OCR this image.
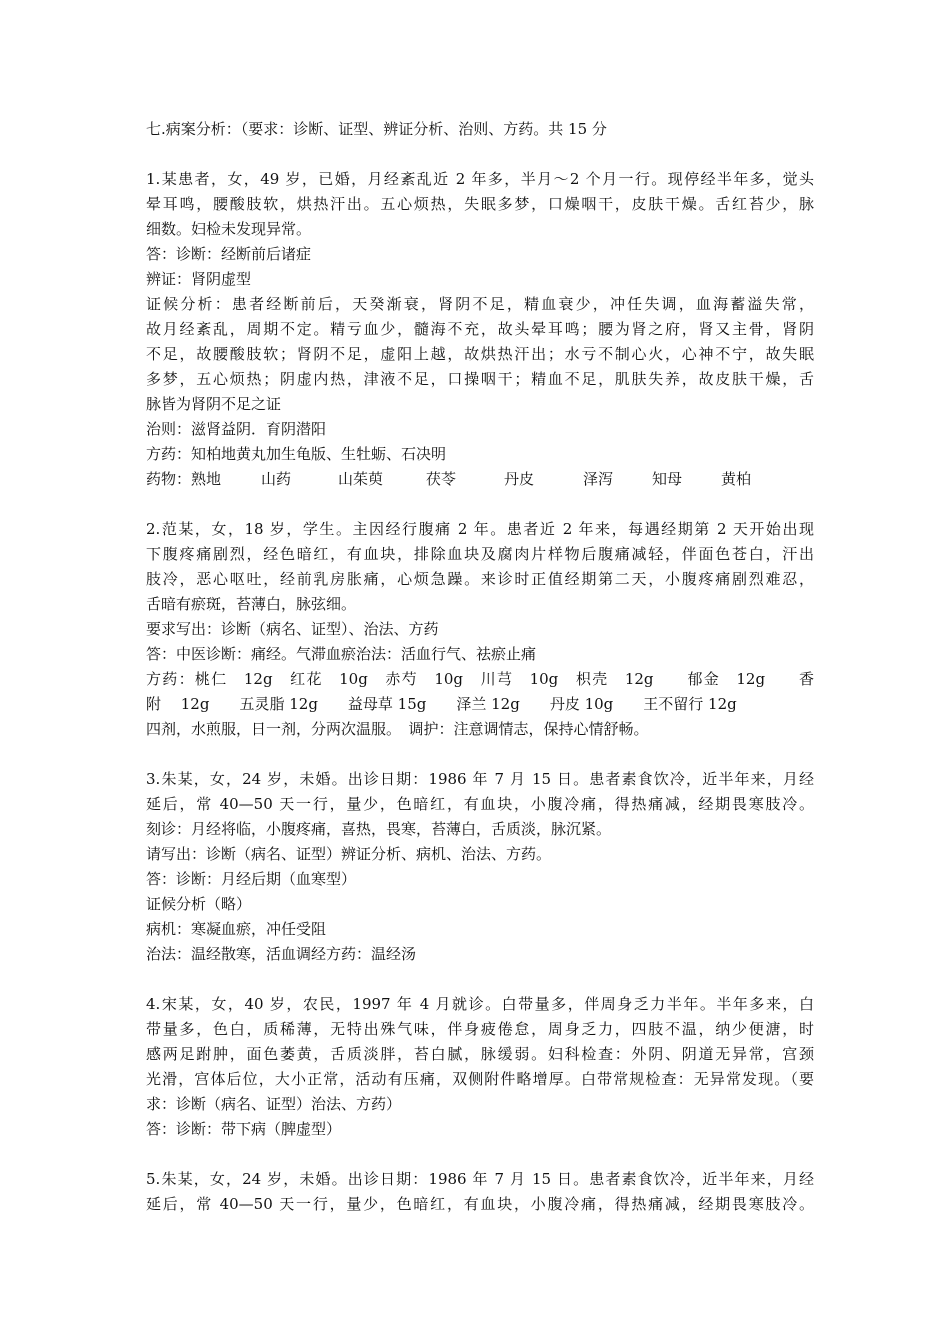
七.病案分析：（要求：诊断、证型、辨证分析、治则、方药。共 15 分
1.某患者，女，49 岁，已婚，月经紊乱近 2 年多，半月～2 个月一行。现停经半年多，觉头
晕耳鸣，腰酸肢软，烘热汗出。五心烦热，失眠多梦，口燥咽干，皮肤干燥。舌红苔少，脉
细数。妇检未发现异常。
答：诊断：经断前后诸症
辨证：肾阴虚型
证候分析：患者经断前后，天癸渐衰，肾阴不足，精血衰少，冲任失调，血海蓄溢失常，
故月经紊乱，周期不定。精亏血少，髓海不充，故头晕耳鸣；腰为肾之府，肾又主骨，肾阴
不足，故腰酸肢软；肾阴不足，虚阳上越，故烘热汗出；水亏不制心火，心神不宁，故失眠
多梦，五心烦热；阴虚内热，津液不足，口操咽干；精血不足，肌肤失养，故皮肤干燥，舌
脉皆为肾阴不足之证
治则：滋肾益阴．育阴潜阳
方药：知柏地黄丸加生龟版、生牡蛎、石决明
药物：熟地	山药	山茱萸	茯苓	丹皮	泽泻	知母	黄柏
2.范某，女，18 岁，学生。主因经行腹痛 2 年。患者近 2 年来，每遇经期第 2 天开始出现
下腹疼痛剧烈，经色暗红，有血块，排除血块及腐肉片样物后腹痛减轻，伴面色苍白，汗出
肢冷，恶心呕吐，经前乳房胀痛，心烦急躁。来诊时正值经期第二天，小腹疼痛剧烈难忍，
舌暗有瘀斑，苔薄白，脉弦细。
要求写出：诊断（病名、证型）、治法、方药
答：中医诊断：痛经。气滞血瘀治法：活血行气、祛瘀止痛
方药：桃仁　12g　红花　10g　赤芍　10g　川芎　10g　枳壳　12g　　郁金　12g　　香
附　 12g　　五灵脂 12g　　益母草 15g　　泽兰 12g　　丹皮 10g　　王不留行 12g
四剂，水煎服，日一剂，分两次温服。　调护：注意调情志，保持心情舒畅。
3.朱某，女，24 岁，未婚。出诊日期：1986 年 7 月 15 日。患者素食饮冷，近半年来，月经
延后，常 40—50 天一行，量少，色暗红，有血块，小腹冷痛，得热痛减，经期畏寒肢冷。
刻诊：月经将临，小腹疼痛，喜热，畏寒，苔薄白，舌质淡，脉沉紧。
请写出：诊断（病名、证型）辨证分析、病机、治法、方药。
答：诊断：月经后期（血寒型）
证候分析（略）
病机：寒凝血瘀，冲任受阻
治法：温经散寒，活血调经方药：温经汤
4.宋某，女，40 岁，农民，1997 年 4 月就诊。白带量多，伴周身乏力半年。半年多来，白
带量多，色白，质稀薄，无特出殊气味，伴身疲倦怠，周身乏力，四肢不温，纳少便溏，时
感两足跗肿，面色萎黄，舌质淡胖，苔白腻，脉缓弱。妇科检查：外阴、阴道无异常，宫颈
光滑，宫体后位，大小正常，活动有压痛，双侧附件略增厚。白带常规检查：无异常发现。（要
求：诊断（病名、证型）治法、方药）
答：诊断：带下病（脾虚型）
5.朱某，女，24 岁，未婚。出诊日期：1986 年 7 月 15 日。患者素食饮冷，近半年来，月经
延后，常 40—50 天一行，量少，色暗红，有血块，小腹冷痛，得热痛减，经期畏寒肢冷。
